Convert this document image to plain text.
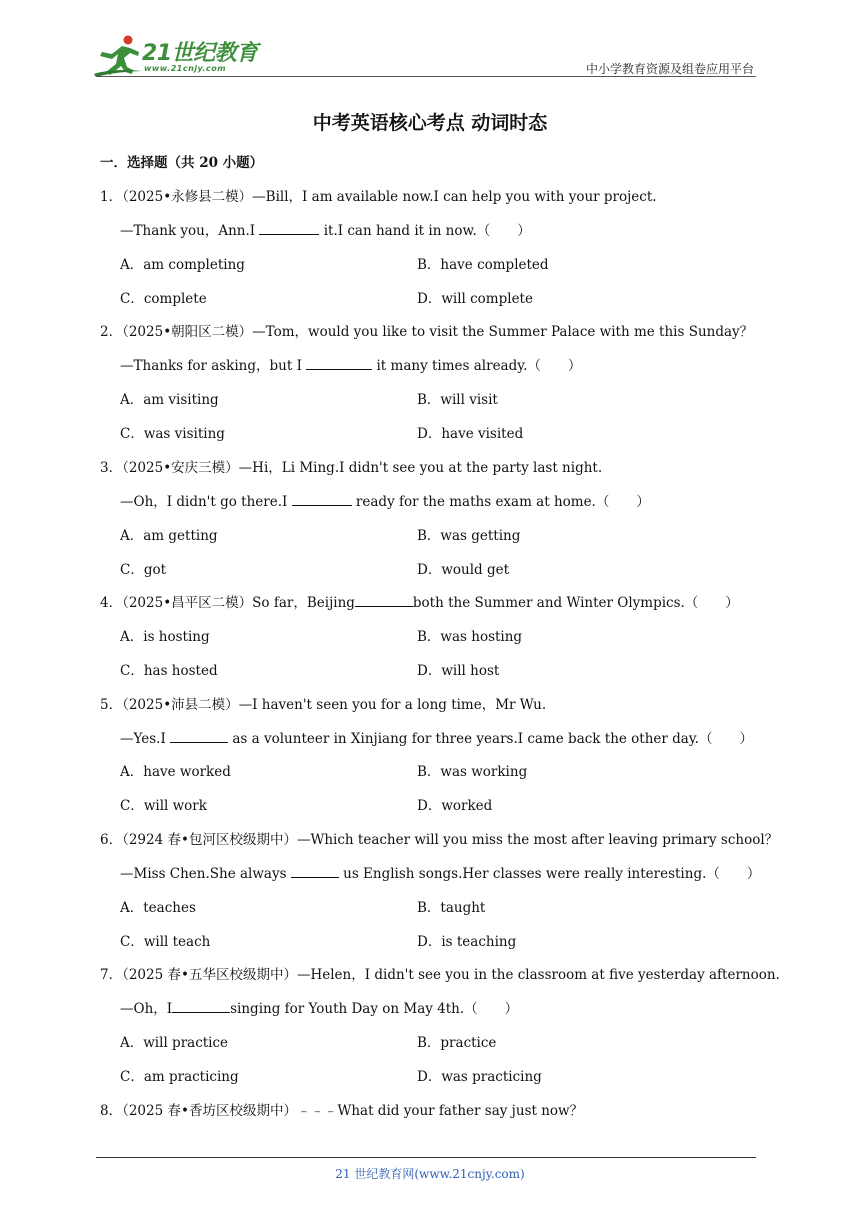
21世纪教育
www.21cnjy.com	中小学教育资源及组卷应用平台
中考英语核心考点 动词时态
一．选择题（共 20 小题）
1．（2025•永修县二模）—Bill，I am available now.I can help you with your project.
—Thank you，Ann.I	it.I can hand it in now.（　　）
A．am completing	B．have completed
C．complete	D．will complete
2．（2025•朝阳区二模）—Tom，would you like to visit the Summer Palace with me this Sunday？
—Thanks for asking，but I	it many times already.（　　）
A．am visiting	B．will visit
C．was visiting	D．have visited
3．（2025•安庆三模）—Hi，Li Ming.I didn't see you at the party last night.
—Oh，I didn't go there.I	ready for the maths exam at home.（　　）
A．am getting	B．was getting
C．got	D．would get
4．（2025•昌平区二模）So far，Beijing	both the Summer and Winter Olympics.（　　）
A．is hosting	B．was hosting
C．has hosted	D．will host
5．（2025•沛县二模）—I haven't seen you for a long time，Mr Wu.
—Yes.I	as a volunteer in Xinjiang for three years.I came back the other day.（　　）
A．have worked	B．was working
C．will work	D．worked
6．（2924 春•包河区校级期中）—Which teacher will you miss the most after leaving primary school？
—Miss Chen.She always	us English songs.Her classes were really interesting.（　　）
A．teaches	B．taught
C．will teach	D．is teaching
7．（2025 春•五华区校级期中）—Helen，I didn't see you in the classroom at five yesterday afternoon.
—Oh，I	singing for Youth Day on May 4th.（　　）
A．will practice	B．practice
C．am practicing	D．was practicing
8．（2025 春•香坊区校级期中）﹣﹣﹣What did your father say just now？
21 世纪教育网(www.21cnjy.com)
